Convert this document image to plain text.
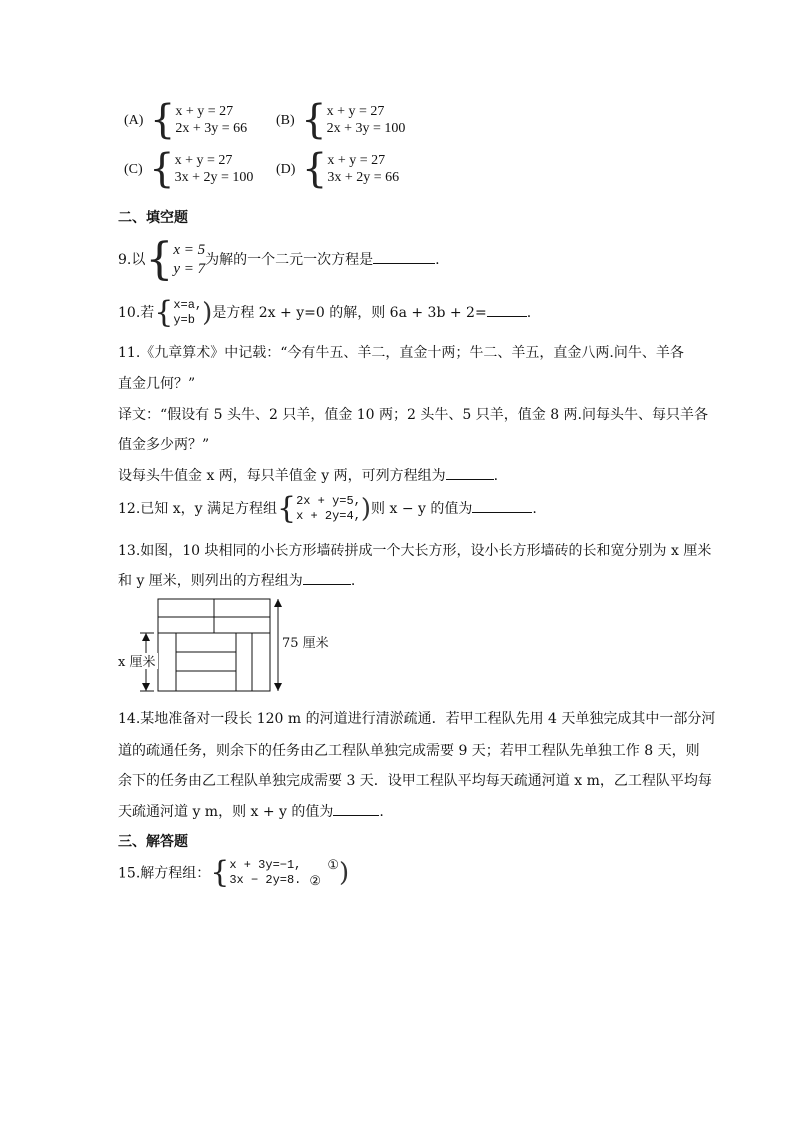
(A) { x + y = 27
2x + 3y = 66
(B) { x + y = 27
2x + 3y = 100
(C) { x + y = 27
3x + 2y = 100
(D) { x + y = 27
3x + 2y = 66
二、填空题
9.以 { x = 5
y = 7
为解的一个二元一次方程是	.
10.若 { x=a,
y=b ) 是方程 2x + y=0 的解，则 6a + 3b + 2=	.
11.《九章算术》中记载：“今有牛五、羊二，直金十两；牛二、羊五，直金八两.问牛、羊各
直金几何？”
译文：“假设有 5 头牛、2 只羊，值金 10 两；2 头牛、5 只羊，值金 8 两.问每头牛、每只羊各
值金多少两？”
设每头牛值金 x 两，每只羊值金 y 两，可列方程组为	.
12.已知 x，y 满足方程组 { 2x + y=5,
x + 2y=4, ) 则 x − y 的值为	.
13.如图，10 块相同的小长方形墙砖拼成一个大长方形，设小长方形墙砖的长和宽分别为 x 厘米
和 y 厘米，则列出的方程组为	.
x 厘米
75 厘米
14.某地准备对一段长 120 m 的河道进行清淤疏通．若甲工程队先用 4 天单独完成其中一部分河
道的疏通任务，则余下的任务由乙工程队单独完成需要 9 天；若甲工程队先单独工作 8 天，则
余下的任务由乙工程队单独完成需要 3 天．设甲工程队平均每天疏通河道 x m，乙工程队平均每
天疏通河道 y m，则 x + y 的值为	.
三、解答题
15.解方程组： { x + 3y=−1,
3x − 2y=8.
①
② )
